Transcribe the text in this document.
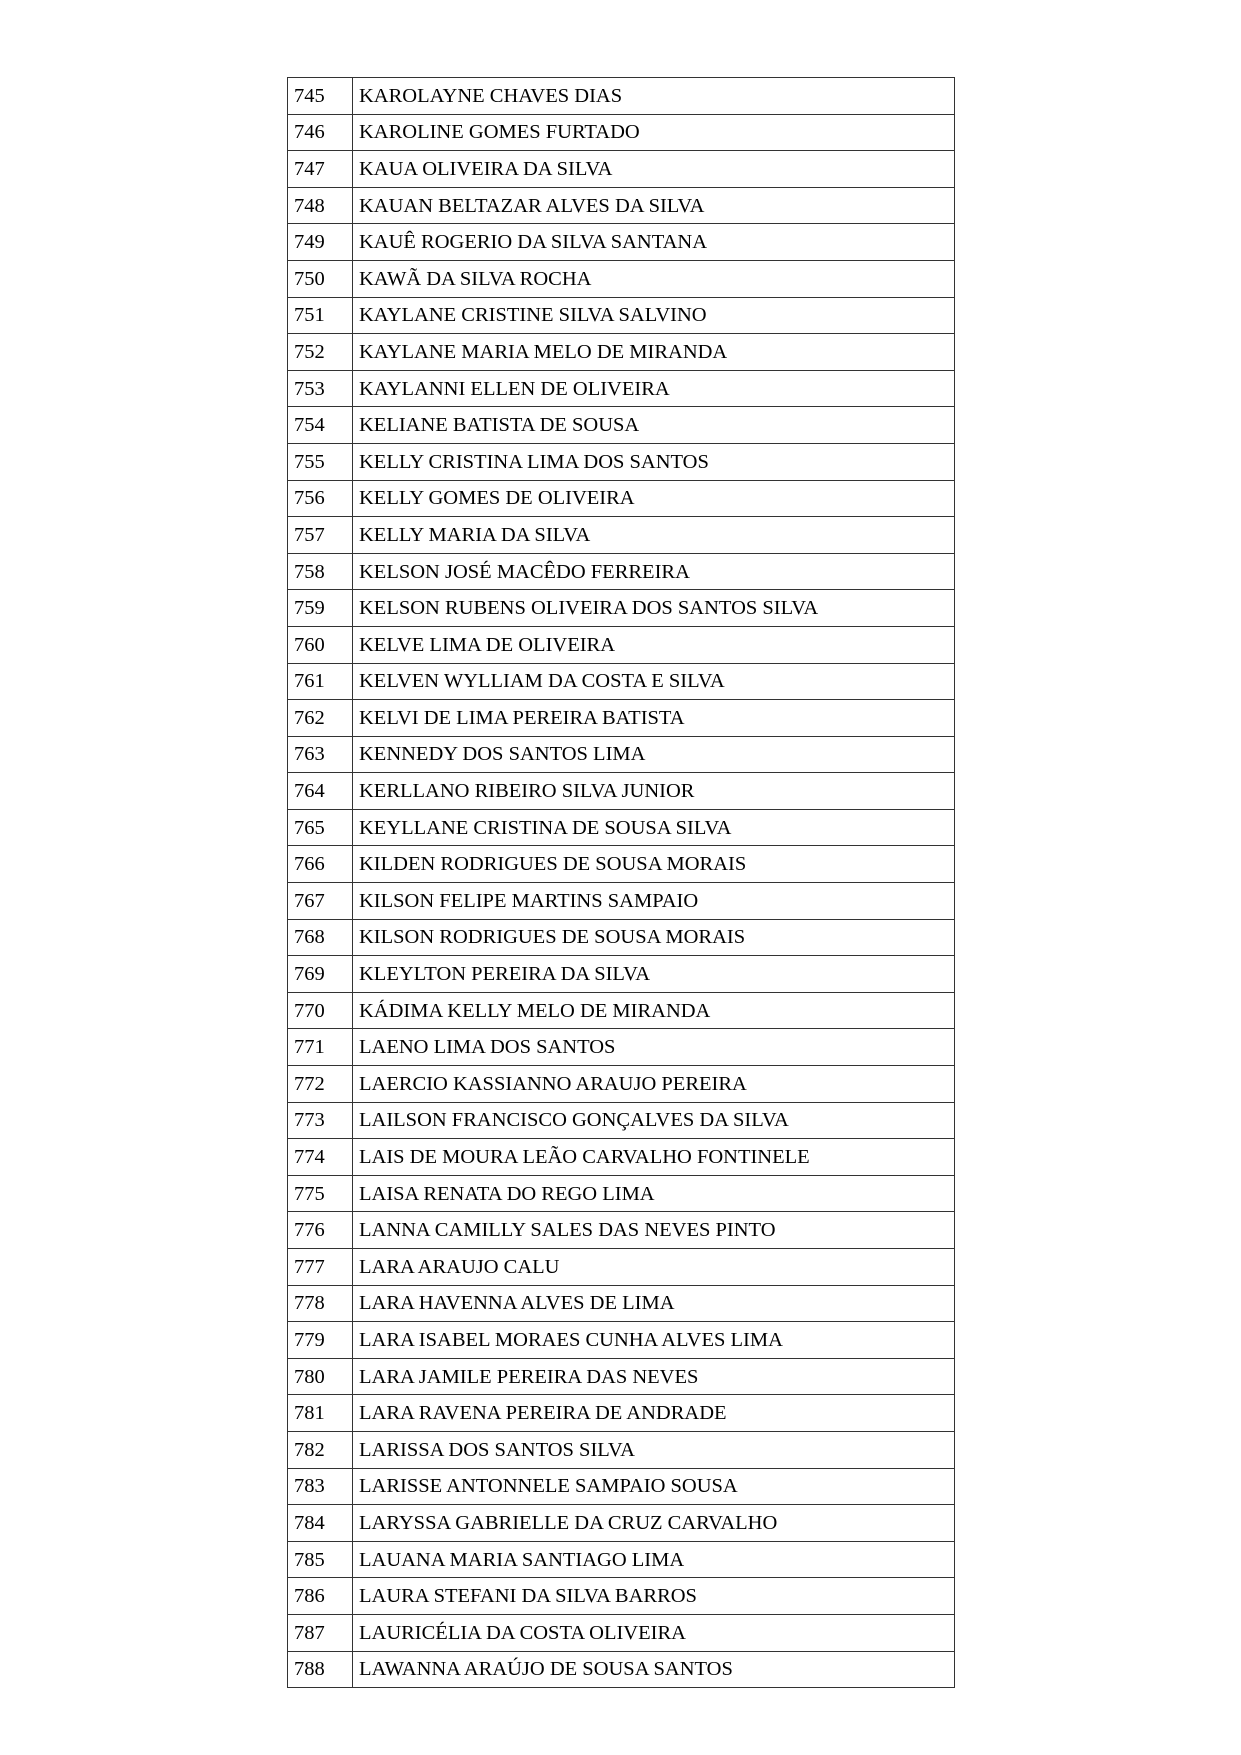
745	KAROLAYNE CHAVES DIAS
746	KAROLINE GOMES FURTADO
747	KAUA OLIVEIRA DA SILVA
748	KAUAN BELTAZAR ALVES DA SILVA
749	KAUÊ ROGERIO DA SILVA SANTANA
750	KAWÃ DA SILVA ROCHA
751	KAYLANE CRISTINE SILVA SALVINO
752	KAYLANE MARIA MELO DE MIRANDA
753	KAYLANNI ELLEN DE OLIVEIRA
754	KELIANE BATISTA DE SOUSA
755	KELLY CRISTINA LIMA DOS SANTOS
756	KELLY GOMES DE OLIVEIRA
757	KELLY MARIA DA SILVA
758	KELSON JOSÉ MACÊDO FERREIRA
759	KELSON RUBENS OLIVEIRA DOS SANTOS SILVA
760	KELVE LIMA DE OLIVEIRA
761	KELVEN WYLLIAM DA COSTA E SILVA
762	KELVI DE LIMA PEREIRA BATISTA
763	KENNEDY DOS SANTOS LIMA
764	KERLLANO RIBEIRO SILVA JUNIOR
765	KEYLLANE CRISTINA DE SOUSA SILVA
766	KILDEN RODRIGUES DE SOUSA MORAIS
767	KILSON FELIPE MARTINS SAMPAIO
768	KILSON RODRIGUES DE SOUSA MORAIS
769	KLEYLTON PEREIRA DA SILVA
770	KÁDIMA KELLY MELO DE MIRANDA
771	LAENO LIMA DOS SANTOS
772	LAERCIO KASSIANNO ARAUJO PEREIRA
773	LAILSON FRANCISCO GONÇALVES DA SILVA
774	LAIS DE MOURA LEÃO CARVALHO FONTINELE
775	LAISA RENATA DO REGO LIMA
776	LANNA CAMILLY SALES DAS NEVES PINTO
777	LARA ARAUJO CALU
778	LARA HAVENNA ALVES DE LIMA
779	LARA ISABEL MORAES CUNHA ALVES LIMA
780	LARA JAMILE PEREIRA DAS NEVES
781	LARA RAVENA PEREIRA DE ANDRADE
782	LARISSA DOS SANTOS SILVA
783	LARISSE ANTONNELE SAMPAIO SOUSA
784	LARYSSA GABRIELLE DA CRUZ CARVALHO
785	LAUANA MARIA SANTIAGO LIMA
786	LAURA STEFANI DA SILVA BARROS
787	LAURICÉLIA DA COSTA OLIVEIRA
788	LAWANNA ARAÚJO DE SOUSA SANTOS
